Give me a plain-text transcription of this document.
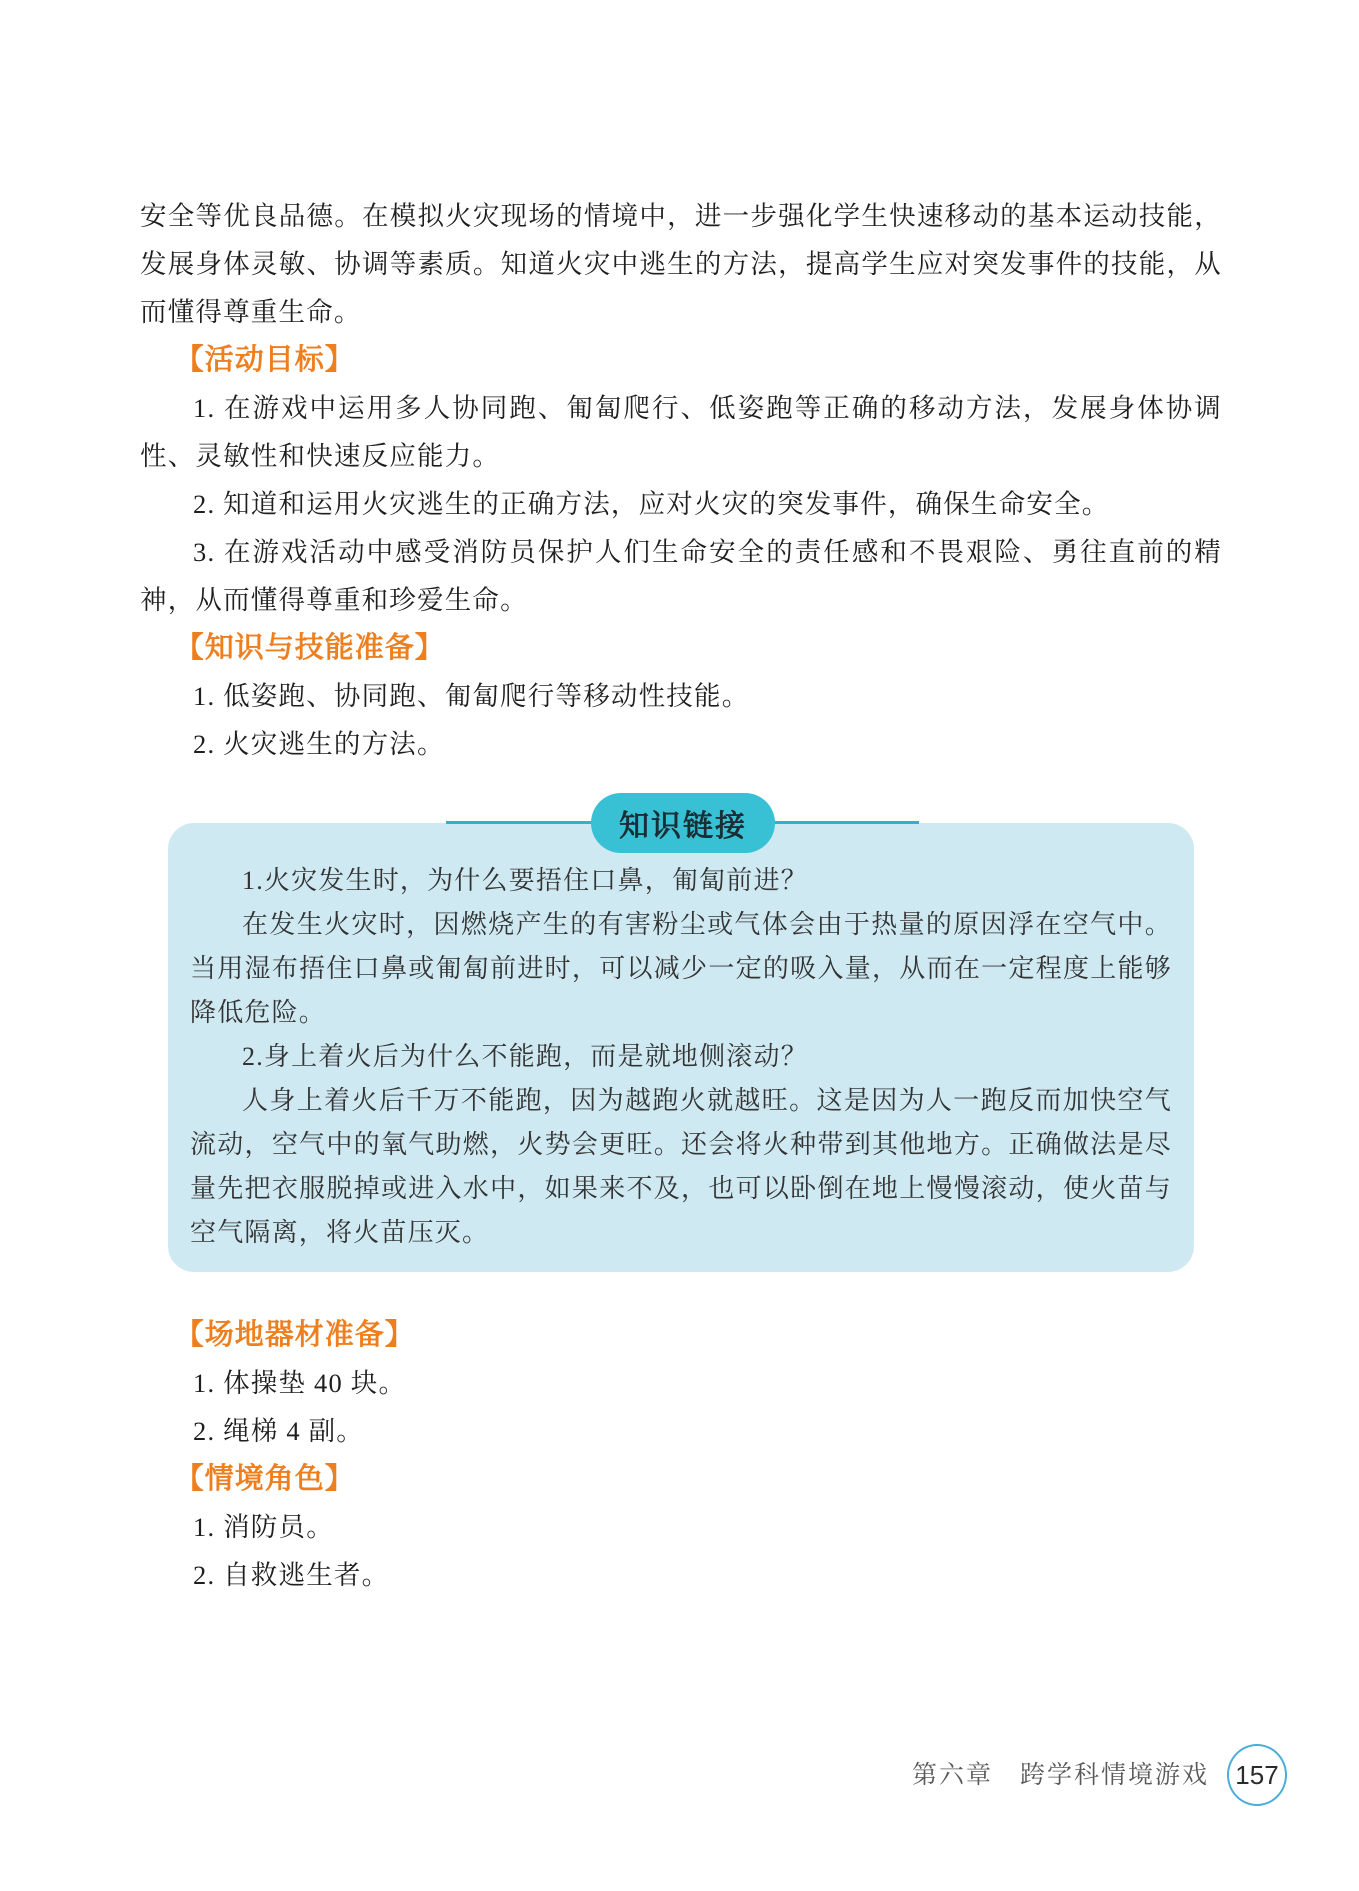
安全等优良品德。在模拟火灾现场的情境中，进一步强化学生快速移动的基本运动技能，发展身体灵敏、协调等素质。知道火灾中逃生的方法，提高学生应对突发事件的技能，从而懂得尊重生命。

【活动目标】

1. 在游戏中运用多人协同跑、匍匐爬行、低姿跑等正确的移动方法，发展身体协调性、灵敏性和快速反应能力。

2. 知道和运用火灾逃生的正确方法，应对火灾的突发事件，确保生命安全。

3. 在游戏活动中感受消防员保护人们生命安全的责任感和不畏艰险、勇往直前的精神，从而懂得尊重和珍爱生命。

【知识与技能准备】

1. 低姿跑、协同跑、匍匐爬行等移动性技能。

2. 火灾逃生的方法。

知识链接

1.火灾发生时，为什么要捂住口鼻，匍匐前进？

在发生火灾时，因燃烧产生的有害粉尘或气体会由于热量的原因浮在空气中。当用湿布捂住口鼻或匍匐前进时，可以减少一定的吸入量，从而在一定程度上能够降低危险。

2.身上着火后为什么不能跑，而是就地侧滚动？

人身上着火后千万不能跑，因为越跑火就越旺。这是因为人一跑反而加快空气流动，空气中的氧气助燃，火势会更旺。还会将火种带到其他地方。正确做法是尽量先把衣服脱掉或进入水中，如果来不及，也可以卧倒在地上慢慢滚动，使火苗与空气隔离，将火苗压灭。

【场地器材准备】

1. 体操垫 40 块。

2. 绳梯 4 副。

【情境角色】

1. 消防员。

2. 自救逃生者。

第六章　跨学科情境游戏	157
